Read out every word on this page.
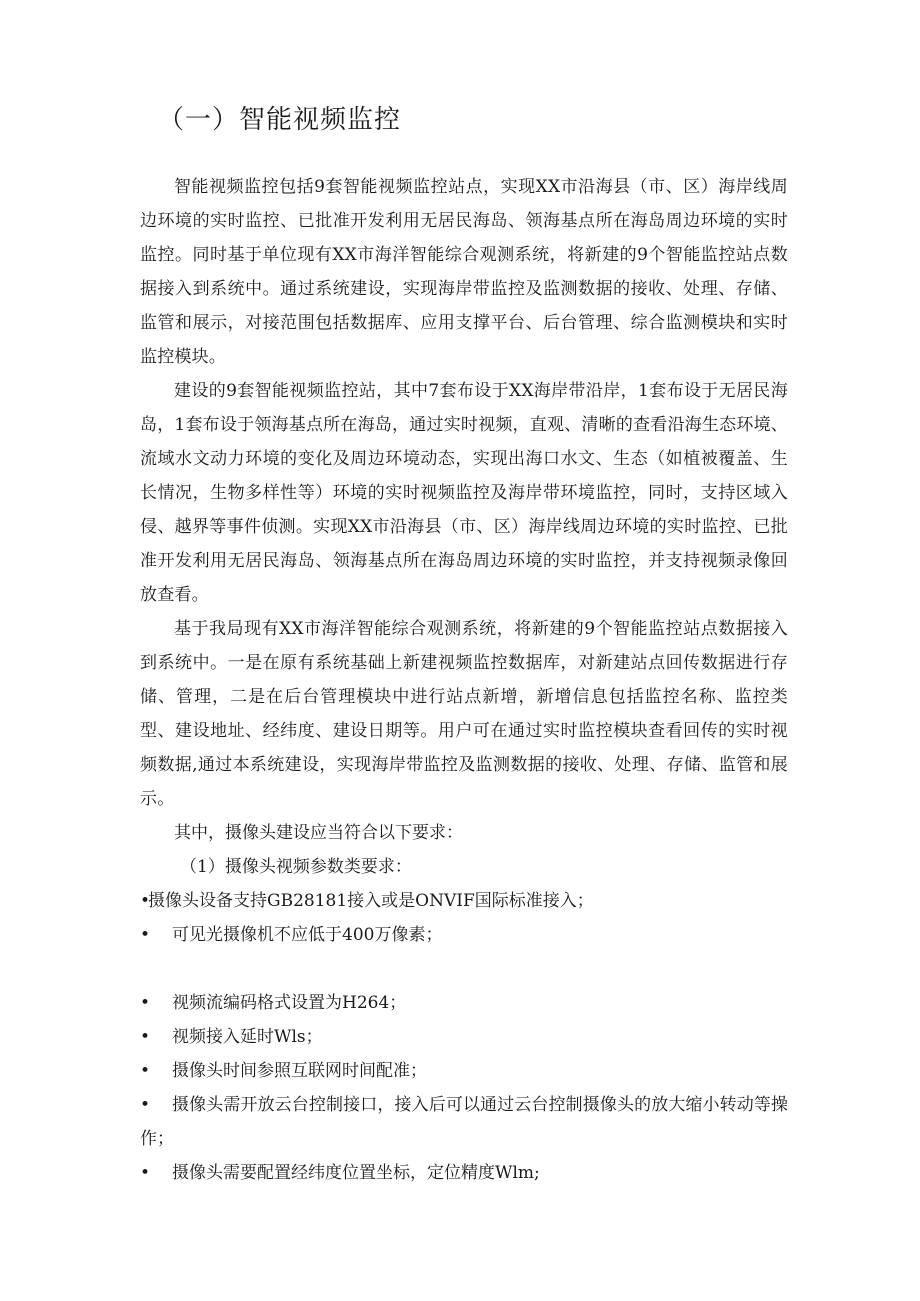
（一）智能视频监控

智能视频监控包括9套智能视频监控站点，实现XX市沿海县（市、区）海岸线周边环境的实时监控、已批准开发利用无居民海岛、领海基点所在海岛周边环境的实时监控。同时基于单位现有XX市海洋智能综合观测系统，将新建的9个智能监控站点数据接入到系统中。通过系统建设，实现海岸带监控及监测数据的接收、处理、存储、监管和展示，对接范围包括数据库、应用支撑平台、后台管理、综合监测模块和实时监控模块。

建设的9套智能视频监控站，其中7套布设于XX海岸带沿岸，1套布设于无居民海岛，1套布设于领海基点所在海岛，通过实时视频，直观、清晰的查看沿海生态环境、流域水文动力环境的变化及周边环境动态，实现出海口水文、生态（如植被覆盖、生长情况，生物多样性等）环境的实时视频监控及海岸带环境监控，同时，支持区域入侵、越界等事件侦测。实现XX市沿海县（市、区）海岸线周边环境的实时监控、已批准开发利用无居民海岛、领海基点所在海岛周边环境的实时监控，并支持视频录像回放查看。

基于我局现有XX市海洋智能综合观测系统，将新建的9个智能监控站点数据接入到系统中。一是在原有系统基础上新建视频监控数据库，对新建站点回传数据进行存储、管理，二是在后台管理模块中进行站点新增，新增信息包括监控名称、监控类型、建设地址、经纬度、建设日期等。用户可在通过实时监控模块查看回传的实时视频数据,通过本系统建设，实现海岸带监控及监测数据的接收、处理、存储、监管和展示。

其中，摄像头建设应当符合以下要求：

（1）摄像头视频参数类要求：

•
摄像头设备支持GB28181接入或是ONVIF国际标准接入；
• 可见光摄像机不应低于400万像素；
• 视频流编码格式设置为H264；
• 视频接入延时Wls；
• 摄像头时间参照互联网时间配准；
•	摄像头需开放云台控制接口，接入后可以通过云台控制摄像头的放大缩小转动等操作；
• 摄像头需要配置经纬度位置坐标，定位精度Wlm;
